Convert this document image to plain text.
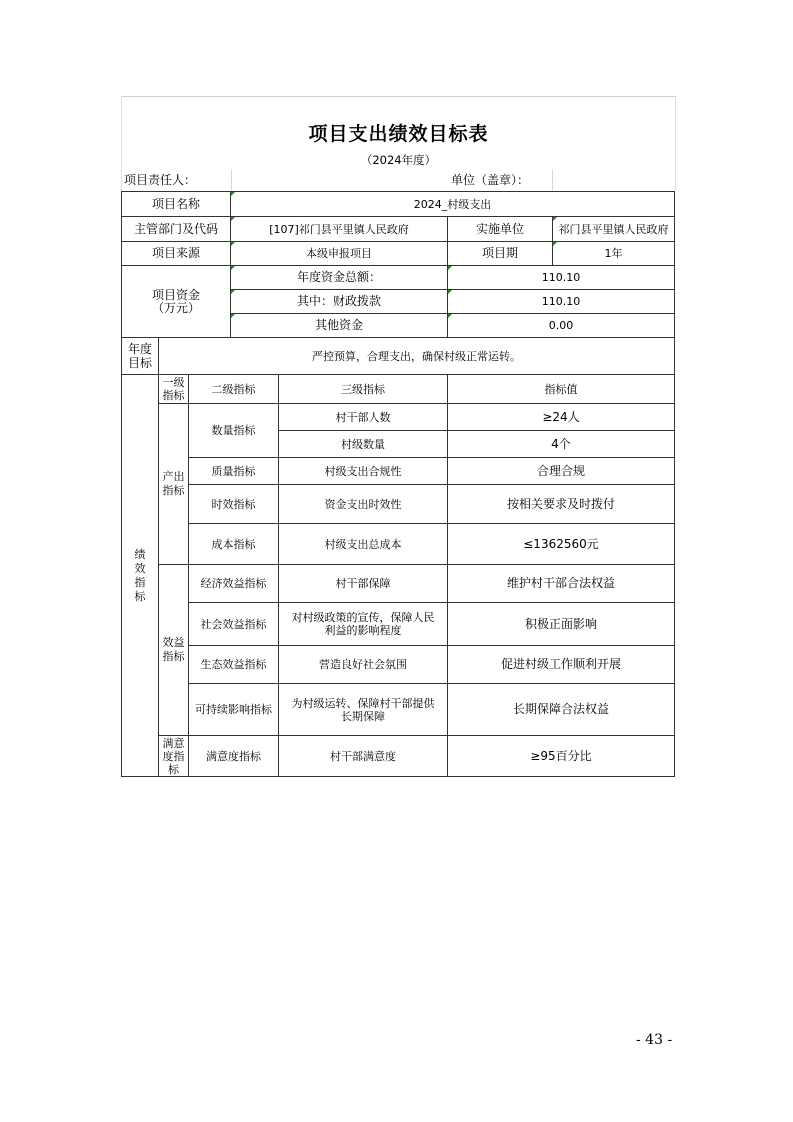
项目支出绩效目标表
（2024年度）
项目责任人：	单位（盖章）：
项目名称			2024_村级支出			
主管部门及代码			[107]祁门县平里镇人民政府		实施单位	祁门县平里镇人民政府
项目来源			本级申报项目		项目期	1年
项目资金
（万元）			年度资金总额：		110.10	
			其中：财政拨款		110.10	
			其他资金		0.00	
年度目标	严控预算，合理支出，确保村级正常运转。					
绩效指标	一级指标	二级指标		三级指标	指标值	
	产出指标	数量指标		村干部人数	≥24人	
				村级数量	4个	
		质量指标		村级支出合规性	合理合规	
		时效指标		资金支出时效性	按相关要求及时拨付	
		成本指标		村级支出总成本	≤1362560元	
	效益指标	经济效益指标		村干部保障	维护村干部合法权益	
		社会效益指标		对村级政策的宣传，保障人民利益的影响程度	积极正面影响	
		生态效益指标		营造良好社会氛围	促进村级工作顺利开展	
		可持续影响指标		为村级运转、保障村干部提供长期保障	长期保障合法权益	
	满意度指标	满意度指标		村干部满意度	≥95百分比	
- 43 -
